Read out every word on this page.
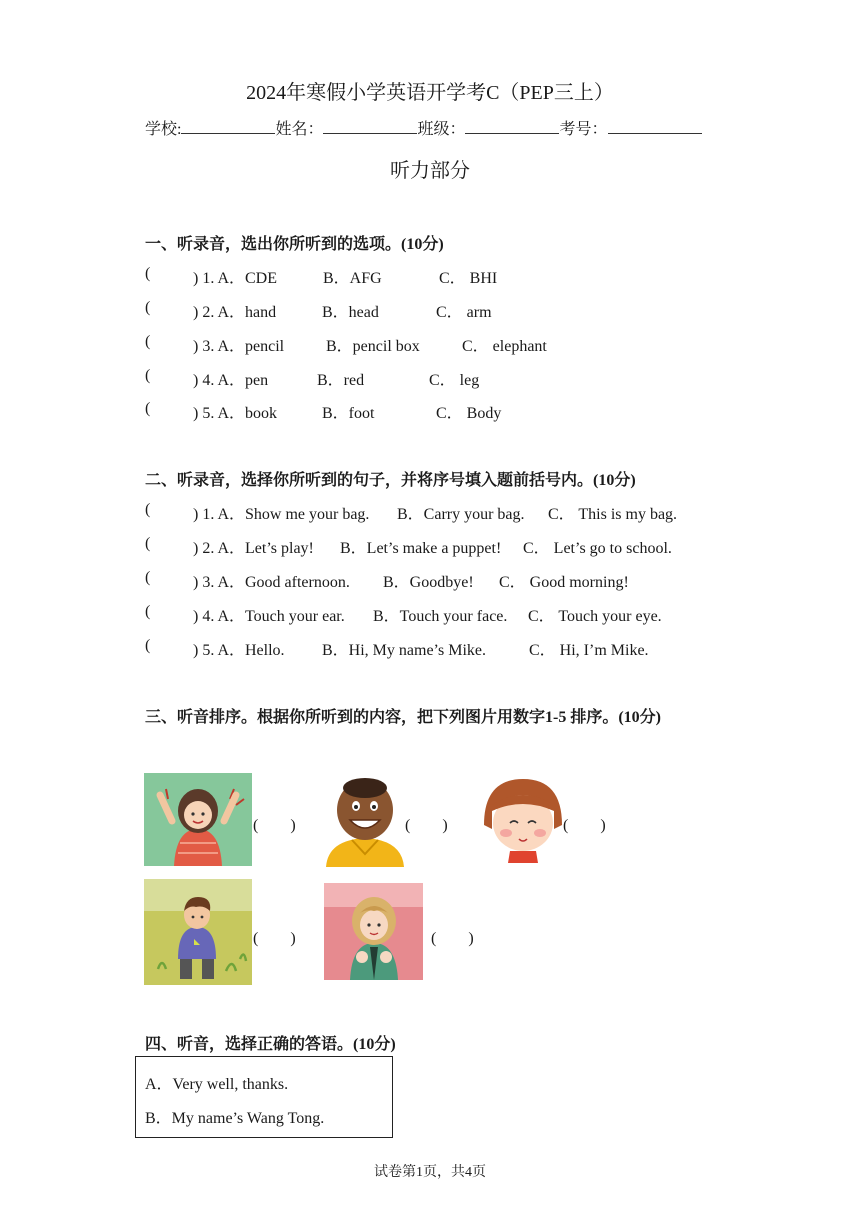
2024年寒假小学英语开学考C（PEP三上）
学校:	姓名：	班级：	考号：
听力部分
一、听录音，选出你所听到的选项。(10分)
(	) 1. A．CDE	B．AFG	C． BHI
(	) 2. A．hand	B．head	C． arm
(	) 3. A．pencil	B．pencil box	C． elephant
(	) 4. A．pen	B．red	C． leg
(	) 5. A．book	B．foot	C． Body
二、听录音，选择你所听到的句子，并将序号填入题前括号内。(10分)
(	) 1. A．Show me your bag. B．Carry your bag. C． This is my bag.
(	) 2. A．Let’s play! B．Let’s make a puppet! C． Let’s go to school.
(	) 3. A．Good afternoon. B．Goodbye! C． Good morning!
(	) 4. A．Touch your ear. B．Touch your face. C． Touch your eye.
(	) 5. A．Hello. B．Hi, My name’s Mike.	C． Hi, I’m Mike.
三、听音排序。根据你所听到的内容，把下列图片用数字1-5 排序。(10分)
(　　)	(　　)	(　　)
(　　)	(　　)
四、听音，选择正确的答语。(10分)
A．Very well, thanks.
B．My name’s Wang Tong.
试卷第1页，共4页
